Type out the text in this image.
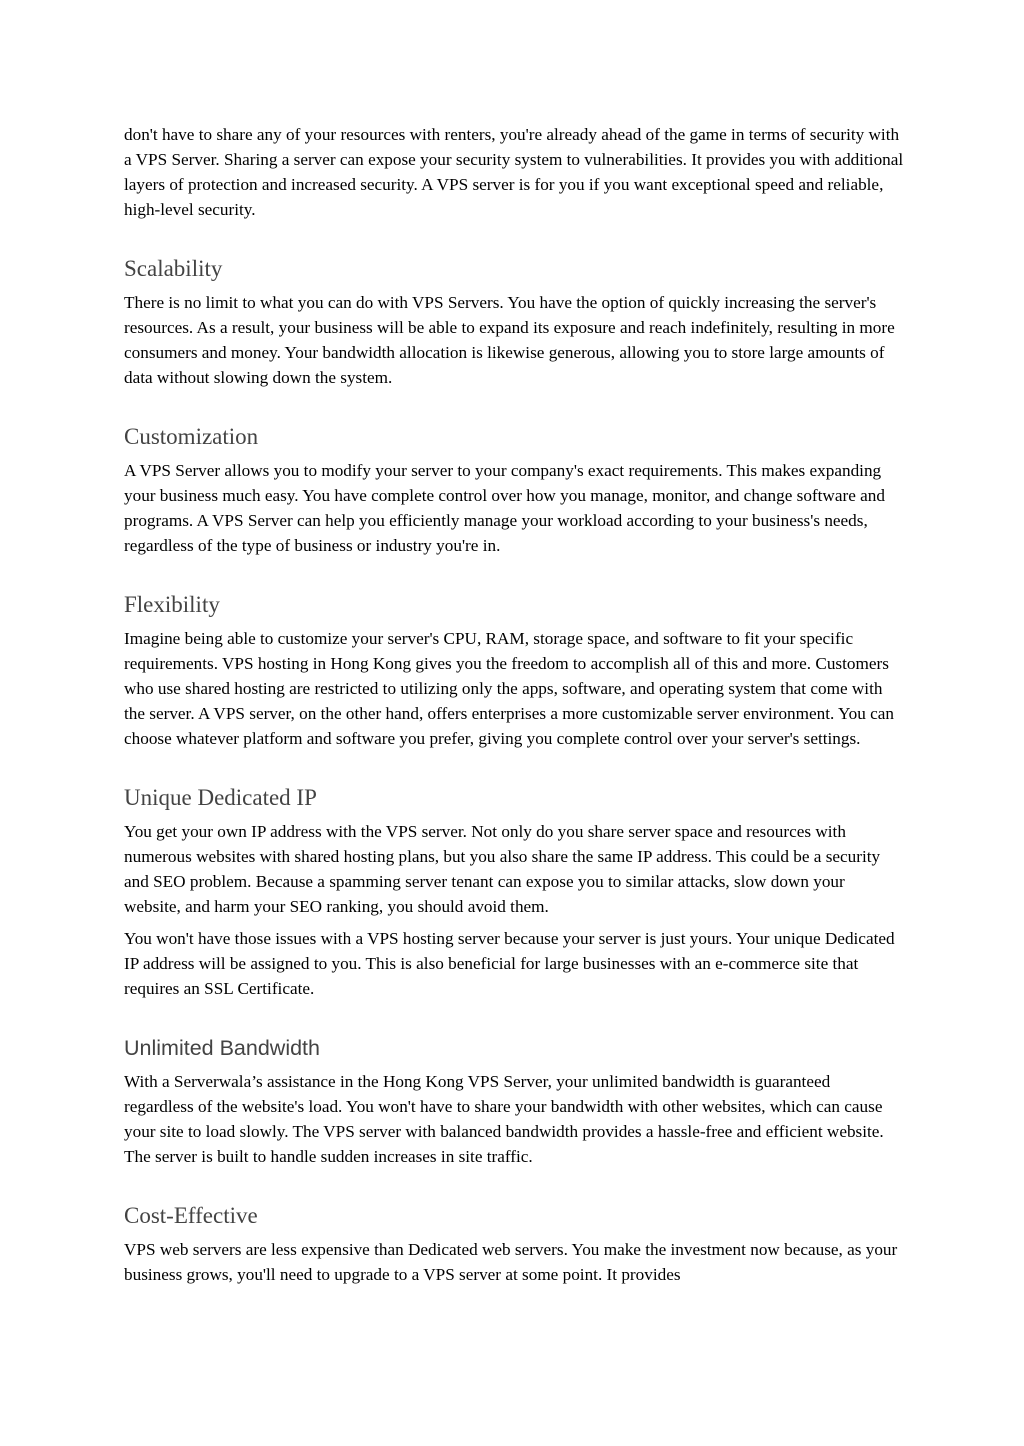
don't have to share any of your resources with renters, you're already ahead of the game in terms of security with a VPS Server. Sharing a server can expose your security system to vulnerabilities. It provides you with additional layers of protection and increased security. A VPS server is for you if you want exceptional speed and reliable, high-level security.

Scalability

There is no limit to what you can do with VPS Servers. You have the option of quickly increasing the server's resources. As a result, your business will be able to expand its exposure and reach indefinitely, resulting in more consumers and money. Your bandwidth allocation is likewise generous, allowing you to store large amounts of data without slowing down the system.

Customization

A VPS Server allows you to modify your server to your company's exact requirements. This makes expanding your business much easy. You have complete control over how you manage, monitor, and change software and programs. A VPS Server can help you efficiently manage your workload according to your business's needs, regardless of the type of business or industry you're in.

Flexibility

Imagine being able to customize your server's CPU, RAM, storage space, and software to fit your specific requirements. VPS hosting in Hong Kong gives you the freedom to accomplish all of this and more. Customers who use shared hosting are restricted to utilizing only the apps, software, and operating system that come with the server. A VPS server, on the other hand, offers enterprises a more customizable server environment. You can choose whatever platform and software you prefer, giving you complete control over your server's settings.

Unique Dedicated IP

You get your own IP address with the VPS server. Not only do you share server space and resources with numerous websites with shared hosting plans, but you also share the same IP address. This could be a security and SEO problem. Because a spamming server tenant can expose you to similar attacks, slow down your website, and harm your SEO ranking, you should avoid them.

You won't have those issues with a VPS hosting server because your server is just yours. Your unique Dedicated IP address will be assigned to you. This is also beneficial for large businesses with an e-commerce site that requires an SSL Certificate.

Unlimited Bandwidth

With a Serverwala’s assistance in the Hong Kong VPS Server, your unlimited bandwidth is guaranteed regardless of the website's load. You won't have to share your bandwidth with other websites, which can cause your site to load slowly. The VPS server with balanced bandwidth provides a hassle-free and efficient website. The server is built to handle sudden increases in site traffic.

Cost-Effective

VPS web servers are less expensive than Dedicated web servers. You make the investment now because, as your business grows, you'll need to upgrade to a VPS server at some point. It provides
